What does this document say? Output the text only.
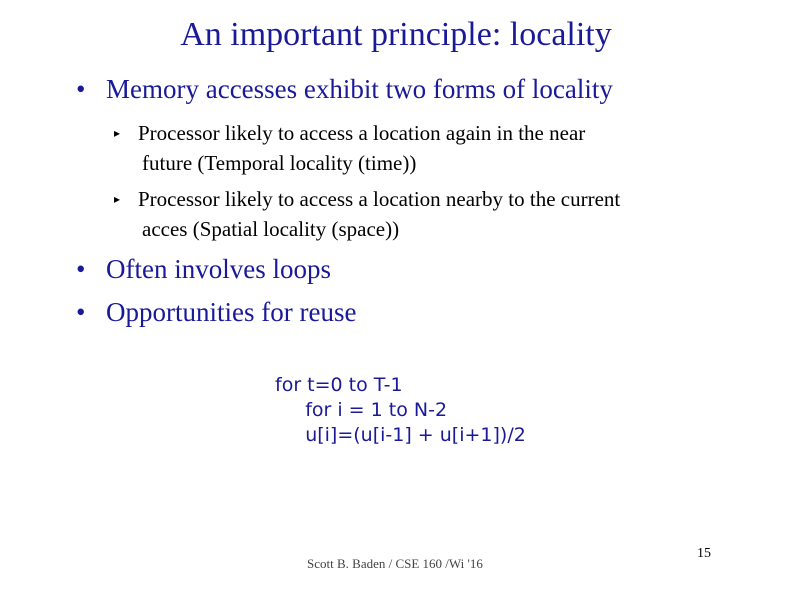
An important principle: locality
• Memory accesses exhibit two forms of locality
▸ Processor likely to access a location again in the near
future (Temporal locality (time))
▸ Processor likely to access a location nearby to the current
acces (Spatial locality (space))
• Often involves loops
• Opportunities for reuse
for t=0 to T-1
for i = 1 to N-2
u[i]=(u[i-1] + u[i+1])/2
Scott B. Baden / CSE 160 /Wi '16
15
